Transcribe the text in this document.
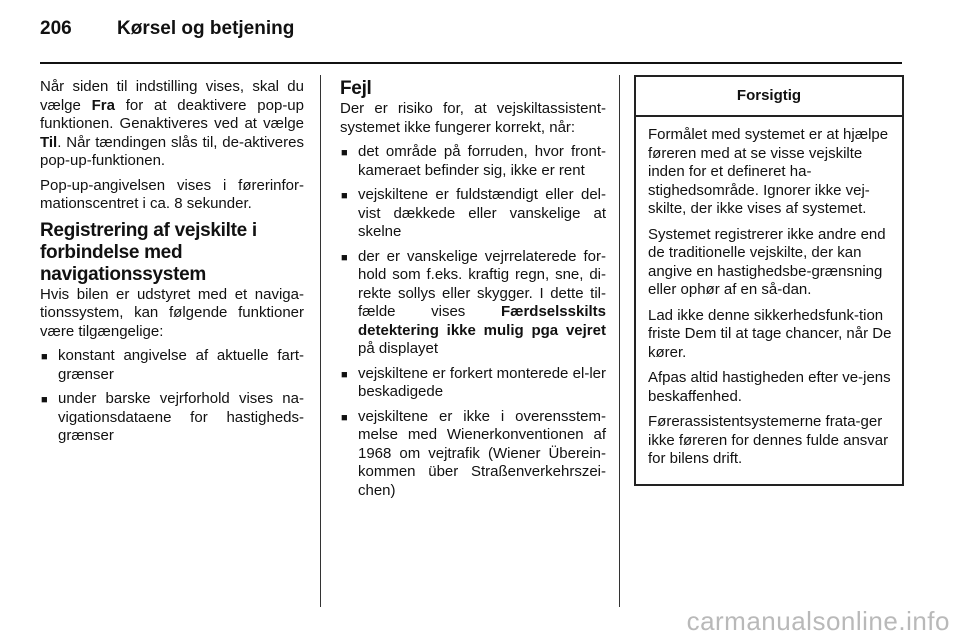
206 Kørsel og betjening

Når siden til indstilling vises, skal du vælge Fra for at deaktivere pop-up funktionen. Genaktiveres ved at vælge Til. Når tændingen slås til, de-aktiveres pop-up-funktionen.

Pop-up-angivelsen vises i førerinfor-mationscentret i ca. 8 sekunder.

Registrering af vejskilte i forbindelse med navigationssystem

Hvis bilen er udstyret med et naviga-tionssystem, kan følgende funktioner være tilgængelige:

■ konstant angivelse af aktuelle fart-grænser
■ under barske vejrforhold vises na-vigationsdataene for hastigheds-grænser
Fejl

Der er risiko for, at vejskiltassistent-systemet ikke fungerer korrekt, når:

■ det område på forruden, hvor front-kameraet befinder sig, ikke er rent
■ vejskiltene er fuldstændigt eller del-vist dækkede eller vanskelige at skelne
■ der er vanskelige vejrrelaterede for-hold som f.eks. kraftig regn, sne, di-rekte sollys eller skygger. I dette til-fælde vises Færdselsskilts detektering ikke mulig pga vejret på displayet
■ vejskiltene er forkert monterede el-ler beskadigede
■ vejskiltene er ikke i overensstem-melse med Wienerkonventionen af 1968 om vejtrafik (Wiener Überein-kommen über Straßenverkehrszei-chen)
Forsigtig

Formålet med systemet er at hjælpe føreren med at se visse vejskilte inden for et defineret ha-stighedsområde. Ignorer ikke vej-skilte, der ikke vises af systemet.

Systemet registrerer ikke andre end de traditionelle vejskilte, der kan angive en hastighedsbe-grænsning eller ophør af en så-dan.

Lad ikke denne sikkerhedsfunk-tion friste Dem til at tage chancer, når De kører.

Afpas altid hastigheden efter ve-jens beskaffenhed.

Førerassistentsystemerne frata-ger ikke føreren for dennes fulde ansvar for bilens drift.

carmanualsonline.info
